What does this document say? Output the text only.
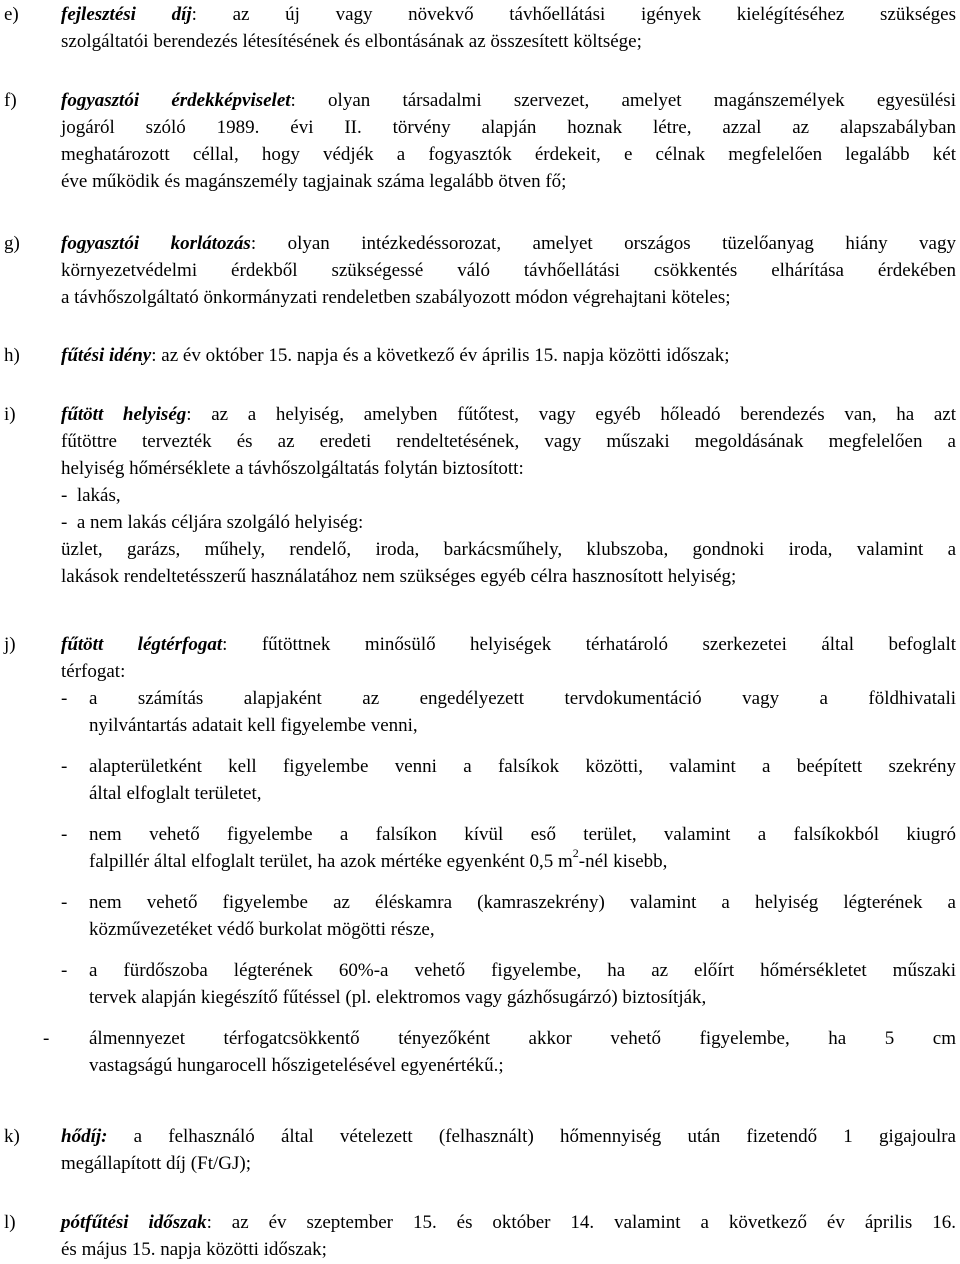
e)	fejlesztési díj: az új vagy növekvő távhőellátási igények kielégítéséhez szükséges
szolgáltatói berendezés létesítésének és elbontásának az összesített költsége;
f)	fogyasztói érdekképviselet: olyan társadalmi szervezet, amelyet magánszemélyek egyesülési
jogáról szóló 1989. évi II. törvény alapján hoznak létre, azzal az alapszabályban
meghatározott céllal, hogy védjék a fogyasztók érdekeit, e célnak megfelelően legalább két
éve működik és magánszemély tagjainak száma legalább ötven fő;
g)	fogyasztói korlátozás: olyan intézkedéssorozat, amelyet országos tüzelőanyag hiány vagy
környezetvédelmi érdekből szükségessé váló távhőellátási csökkentés elhárítása érdekében
a távhőszolgáltató önkormányzati rendeletben szabályozott módon végrehajtani köteles;
h)	fűtési idény: az év október 15. napja és a következő év április 15. napja közötti időszak;
i)	fűtött helyiség: az a helyiség, amelyben fűtőtest, vagy egyéb hőleadó berendezés van, ha azt
fűtöttre tervezték és az eredeti rendeltetésének, vagy műszaki megoldásának megfelelően a
helyiség hőmérséklete a távhőszolgáltatás folytán biztosított:
- lakás,
- a nem lakás céljára szolgáló helyiség:
üzlet, garázs, műhely, rendelő, iroda, barkácsműhely, klubszoba, gondnoki iroda, valamint a
lakások rendeltetésszerű használatához nem szükséges egyéb célra hasznosított helyiség;
j)	fűtött légtérfogat: fűtöttnek minősülő helyiségek térhatároló szerkezetei által befoglalt
térfogat:
- a számítás alapjaként az engedélyezett tervdokumentáció vagy a földhivatali
nyilvántartás adatait kell figyelembe venni,
- alapterületként kell figyelembe venni a falsíkok közötti, valamint a beépített szekrény
által elfoglalt területet,
- nem vehető figyelembe a falsíkon kívül eső terület, valamint a falsíkokból kiugró
falpillér által elfoglalt terület, ha azok mértéke egyenként 0,5 $m^2$-nél kisebb,
- nem vehető figyelembe az éléskamra (kamraszekrény) valamint a helyiség légterének a
közművezetéket védő burkolat mögötti része,
- a fürdőszoba légterének 60%-a vehető figyelembe, ha az előírt hőmérsékletet műszaki
tervek alapján kiegészítő fűtéssel (pl. elektromos vagy gázhősugárzó) biztosítják,
- álmennyezet térfogatcsökkentő tényezőként akkor vehető figyelembe, ha 5 cm
vastagságú hungarocell hőszigetelésével egyenértékű.;
k)	hődíj: a felhasználó által vételezett (felhasznált) hőmennyiség után fizetendő 1 gigajoulra
megállapított díj (Ft/GJ);
l)	pótfűtési időszak: az év szeptember 15. és október 14. valamint a következő év április 16.
és május 15. napja közötti időszak;
